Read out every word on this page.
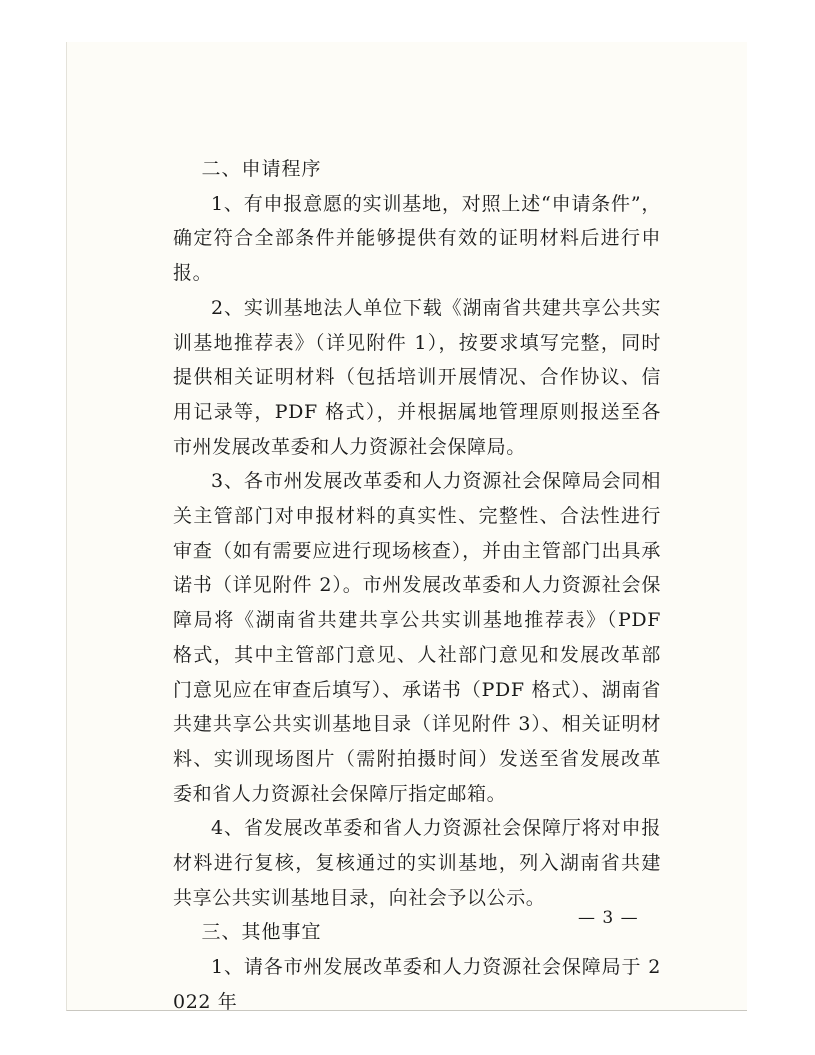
二、申请程序

1、有申报意愿的实训基地，对照上述“申请条件”，确定符合全部条件并能够提供有效的证明材料后进行申报。

2、实训基地法人单位下载《湖南省共建共享公共实训基地推荐表》（详见附件 1），按要求填写完整，同时提供相关证明材料（包括培训开展情况、合作协议、信用记录等，PDF 格式），并根据属地管理原则报送至各市州发展改革委和人力资源社会保障局。

3、各市州发展改革委和人力资源社会保障局会同相关主管部门对申报材料的真实性、完整性、合法性进行审查（如有需要应进行现场核查），并由主管部门出具承诺书（详见附件 2）。市州发展改革委和人力资源社会保障局将《湖南省共建共享公共实训基地推荐表》（PDF 格式，其中主管部门意见、人社部门意见和发展改革部门意见应在审查后填写）、承诺书（PDF 格式）、湖南省共建共享公共实训基地目录（详见附件 3）、相关证明材料、实训现场图片（需附拍摄时间）发送至省发展改革委和省人力资源社会保障厅指定邮箱。

4、省发展改革委和省人力资源社会保障厅将对申报材料进行复核，复核通过的实训基地，列入湖南省共建共享公共实训基地目录，向社会予以公示。

三、其他事宜

1、请各市州发展改革委和人力资源社会保障局于 2022 年

— 3 —
